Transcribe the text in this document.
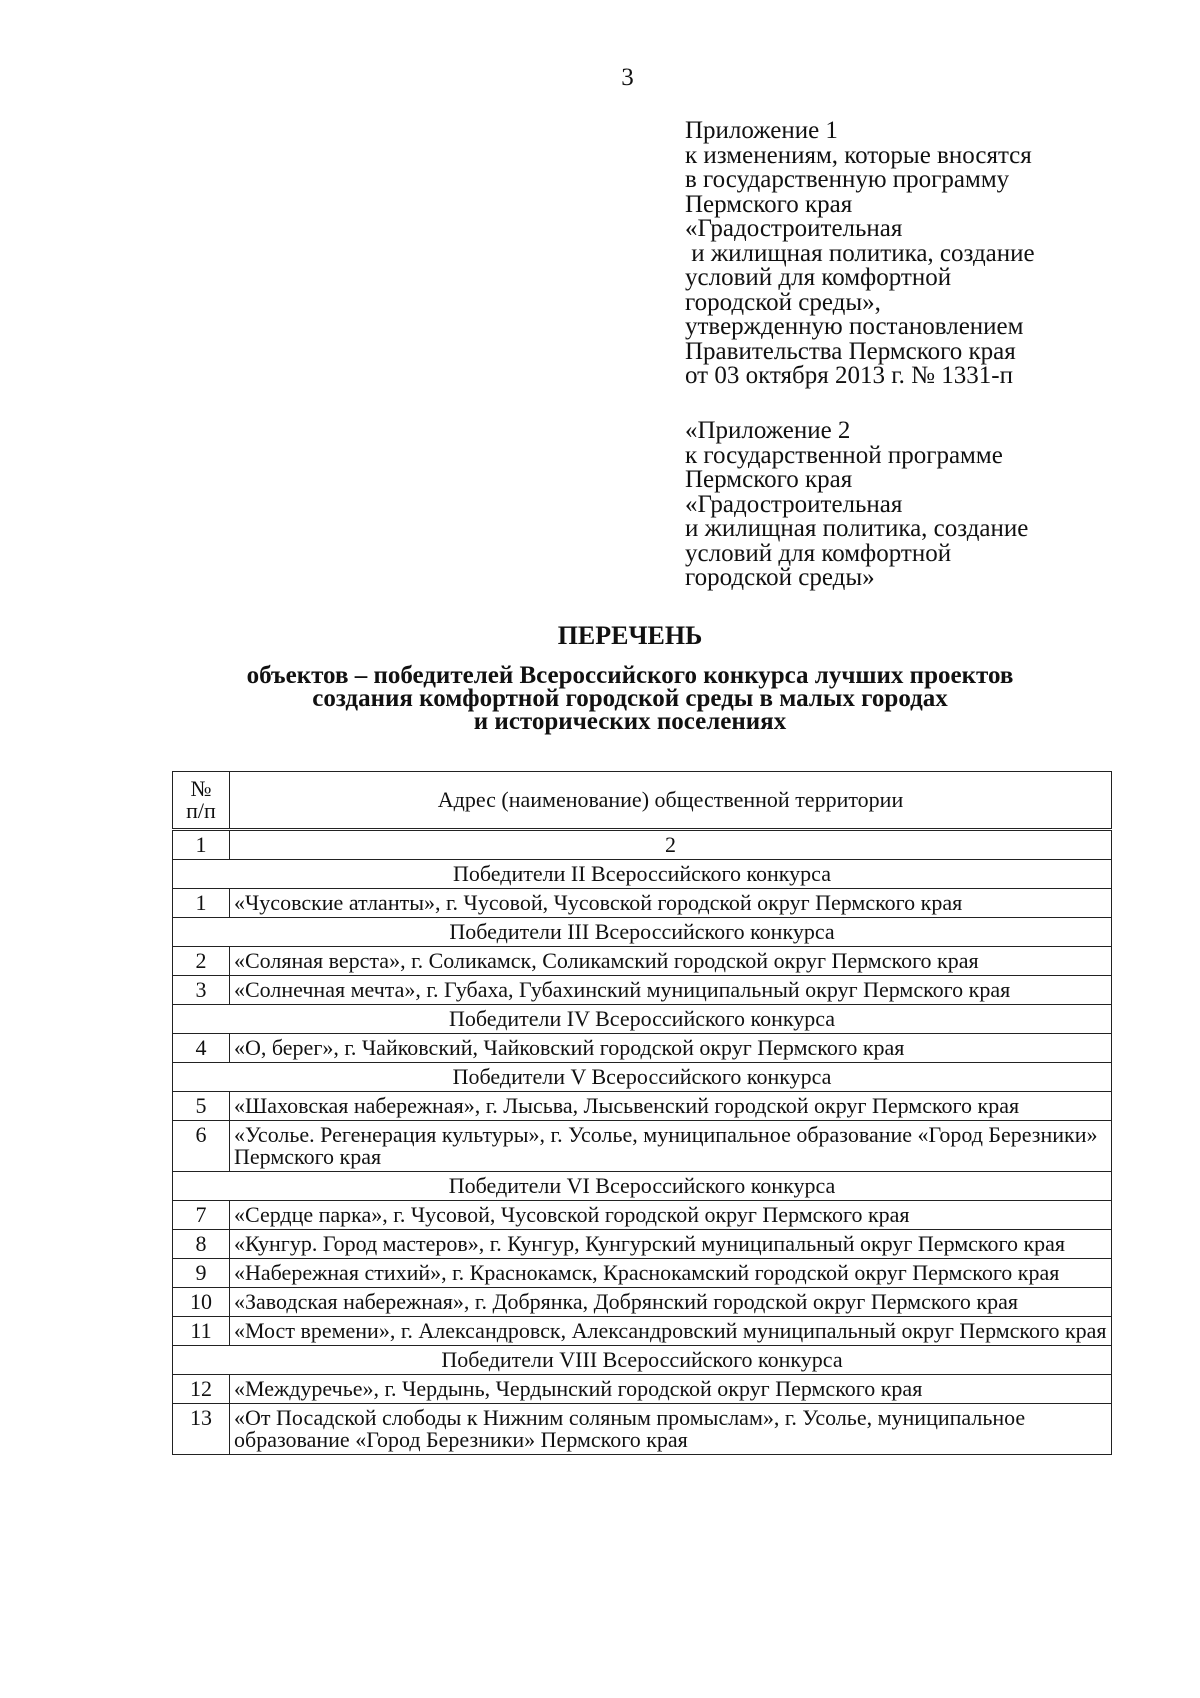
3
Приложение 1
к изменениям, которые вносятся
в государственную программу
Пермского края
«Градостроительная
и жилищная политика, создание
условий для комфортной
городской среды»,
утвержденную постановлением
Правительства Пермского края
от 03 октября 2013 г. № 1331-п
«Приложение 2
к государственной программе
Пермского края
«Градостроительная
и жилищная политика, создание
условий для комфортной
городской среды»
ПЕРЕЧЕНЬ
объектов – победителей Всероссийского конкурса лучших проектов
создания комфортной городской среды в малых городах
и исторических поселениях
№
п/п	Адрес (наименование) общественной территории
1	2
Победители II Всероссийского конкурса	
1	«Чусовские атланты», г. Чусовой, Чусовской городской округ Пермского края
Победители III Всероссийского конкурса	
2	«Соляная верста», г. Соликамск, Соликамский городской округ Пермского края
3	«Солнечная мечта», г. Губаха, Губахинский муниципальный округ Пермского края
Победители IV Всероссийского конкурса	
4	«О, берег», г. Чайковский, Чайковский городской округ Пермского края
Победители V Всероссийского конкурса	
5	«Шаховская набережная», г. Лысьва, Лысьвенский городской округ Пермского края
6	«Усолье. Регенерация культуры», г. Усолье, муниципальное образование «Город Березники» Пермского края
Победители VI Всероссийского конкурса	
7	«Сердце парка», г. Чусовой, Чусовской городской округ Пермского края
8	«Кунгур. Город мастеров», г. Кунгур, Кунгурский муниципальный округ Пермского края
9	«Набережная стихий», г. Краснокамск, Краснокамский городской округ Пермского края
10	«Заводская набережная», г. Добрянка, Добрянский городской округ Пермского края
11	«Мост времени», г. Александровск, Александровский муниципальный округ Пермского края
Победители VIII Всероссийского конкурса	
12	«Междуречье», г. Чердынь, Чердынский городской округ Пермского края
13	«От Посадской слободы к Нижним соляным промыслам», г. Усолье, муниципальное образование «Город Березники» Пермского края
